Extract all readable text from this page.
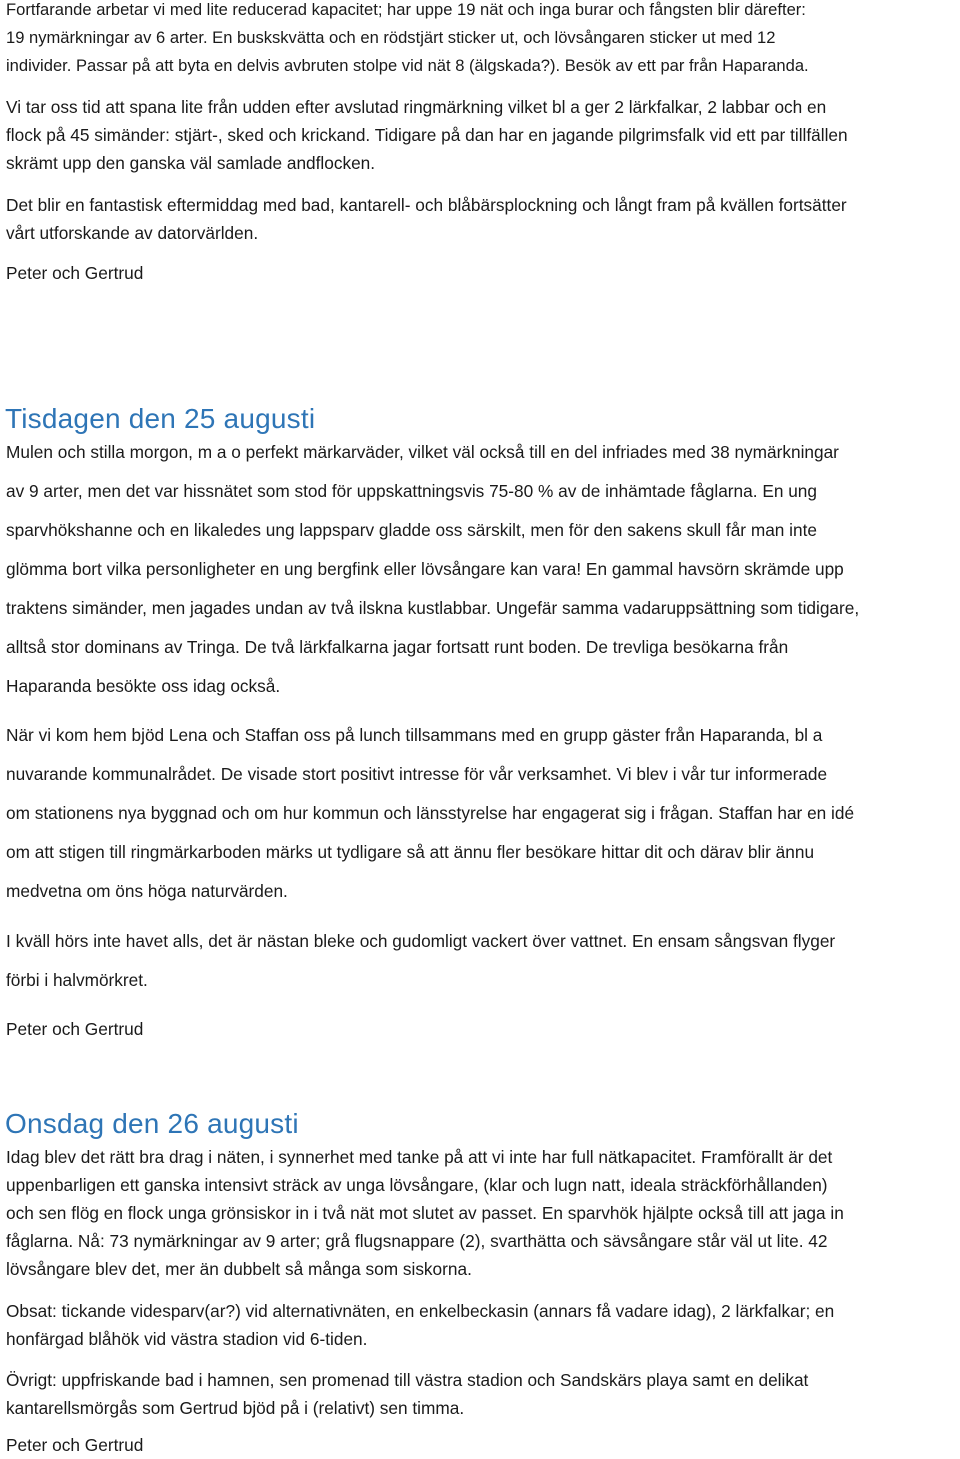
Fortfarande arbetar vi med lite reducerad kapacitet; har uppe 19 nät och inga burar och fångsten blir därefter:
19 nymärkningar av 6 arter. En buskskvätta och en rödstjärt sticker ut, och lövsångaren sticker ut med 12
individer. Passar på att byta en delvis avbruten stolpe vid nät 8 (älgskada?). Besök av ett par från Haparanda.

Vi tar oss tid att spana lite från udden efter avslutad ringmärkning vilket bl a ger 2 lärkfalkar, 2 labbar och en
flock på 45 simänder: stjärt-, sked och krickand. Tidigare på dan har en jagande pilgrimsfalk vid ett par tillfällen
skrämt upp den ganska väl samlade andflocken.

Det blir en fantastisk eftermiddag med bad, kantarell- och blåbärsplockning och långt fram på kvällen fortsätter
vårt utforskande av datorvärlden.

Peter och Gertrud
Tisdagen den 25 augusti

Mulen och stilla morgon, m a o perfekt märkarväder, vilket väl också till en del infriades med 38 nymärkningar
av 9 arter, men det var hissnätet som stod för uppskattningsvis 75-80 % av de inhämtade fåglarna. En ung
sparvhökshanne och en likaledes ung lappsparv gladde oss särskilt, men för den sakens skull får man inte
glömma bort vilka personligheter en ung bergfink eller lövsångare kan vara! En gammal havsörn skrämde upp
traktens simänder, men jagades undan av två ilskna kustlabbar. Ungefär samma vadaruppsättning som tidigare,
alltså stor dominans av Tringa. De två lärkfalkarna jagar fortsatt runt boden. De trevliga besökarna från
Haparanda besökte oss idag också.

När vi kom hem bjöd Lena och Staffan oss på lunch tillsammans med en grupp gäster från Haparanda, bl a
nuvarande kommunalrådet. De visade stort positivt intresse för vår verksamhet. Vi blev i vår tur informerade
om stationens nya byggnad och om hur kommun och länsstyrelse har engagerat sig i frågan. Staffan har en idé
om att stigen till ringmärkarboden märks ut tydligare så att ännu fler besökare hittar dit och därav blir ännu
medvetna om öns höga naturvärden.

I kväll hörs inte havet alls, det är nästan bleke och gudomligt vackert över vattnet. En ensam sångsvan flyger
förbi i halvmörkret.

Peter och Gertrud
Onsdag den 26 augusti

Idag blev det rätt bra drag i näten, i synnerhet med tanke på att vi inte har full nätkapacitet. Framförallt är det
uppenbarligen ett ganska intensivt sträck av unga lövsångare, (klar och lugn natt, ideala sträckförhållanden)
och sen flög en flock unga grönsiskor in i två nät mot slutet av passet. En sparvhök hjälpte också till att jaga in
fåglarna. Nå: 73 nymärkningar av 9 arter; grå flugsnappare (2), svarthätta och sävsångare står väl ut lite. 42
lövsångare blev det, mer än dubbelt så många som siskorna.

Obsat: tickande videsparv(ar?) vid alternativnäten, en enkelbeckasin (annars få vadare idag), 2 lärkfalkar; en
honfärgad blåhök vid västra stadion vid 6-tiden.

Övrigt: uppfriskande bad i hamnen, sen promenad till västra stadion och Sandskärs playa samt en delikat
kantarellsmörgås som Gertrud bjöd på i (relativt) sen timma.

Peter och Gertrud
